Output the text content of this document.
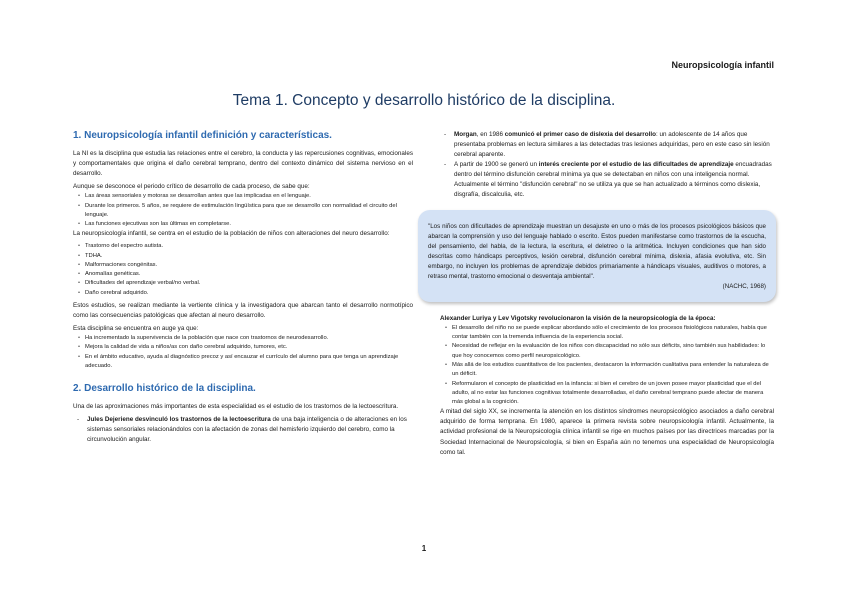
Neuropsicología infantil
Tema 1. Concepto y desarrollo histórico de la disciplina.
1. Neuropsicología infantil definición y características.

La NI es la disciplina que estudia las relaciones entre el cerebro, la conducta y las repercusiones cognitivas, emocionales y comportamentales que origina el daño cerebral temprano, dentro del contexto dinámico del sistema nervioso en el desarrollo.

Aunque se desconoce el periodo crítico de desarrollo de cada proceso, de sabe que:

• Las áreas sensoriales y motoras se desarrollan antes que las implicadas en el lenguaje.
• Durante los primeros. 5 años, se requiere de estimulación lingüística para que se desarrollo con normalidad el circuito del lenguaje.
• Las funciones ejecutivas son las últimas en completarse.

La neuropsicología infantil, se centra en el estudio de la población de niños con alteraciones del neuro desarrollo:

• Trastorno del espectro autista.
• TDHA.
• Malformaciones congénitas.
• Anomalías genéticas.
• Dificultades del aprendizaje verbal/no verbal.
• Daño cerebral adquirido.

Estos estudios, se realizan mediante la vertiente clínica y la investigadora que abarcan tanto el desarrollo normotípico como las consecuencias patológicas que afectan al neuro desarrollo.

Esta disciplina se encuentra en auge ya que:

• Ha incrementado la supervivencia de la población que nace con trastornos de neurodesarrollo.
• Mejora la calidad de vida a niños/as con daño cerebral adquirido, tumores, etc.
• En el ámbito educativo, ayuda al diagnóstico precoz y así encauzar el currículo del alumno para que tenga un aprendizaje adecuado.
2. Desarrollo histórico de la disciplina.

Una de las aproximaciones más importantes de esta especialidad es el estudio de los trastornos de la lectoescritura.

- Jules Dejeriene desvinculó los trastornos de la lectoescritura de una baja inteligencia o de alteraciones en los sistemas sensoriales relacionándolos con la afectación de zonas del hemisferio izquierdo del cerebro, como la circunvolución angular.
- Morgan, en 1986 comunicó el primer caso de dislexia del desarrollo: un adolescente de 14 años que presentaba problemas en lectura similares a las detectadas tras lesiones adquiridas, pero en este caso sin lesión cerebral aparente.
- A partir de 1900 se generó un interés creciente por el estudio de las dificultades de aprendizaje encuadradas dentro del término disfunción cerebral mínima ya que se detectaban en niños con una inteligencia normal. Actualmente el término "disfunción cerebral" no se utiliza ya que se han actualizado a términos como dislexia, disgrafía, discalculia, etc.

"Los niños con dificultades de aprendizaje muestran un desajuste en uno o más de los procesos psicológicos básicos que abarcan la comprensión y uso del lenguaje hablado o escrito. Estos pueden manifestarse como trastornos de la escucha, del pensamiento, del habla, de la lectura, la escritura, el deletreo o la aritmética. Incluyen condiciones que han sido descritas como hándicaps perceptivos, lesión cerebral, disfunción cerebral mínima, dislexia, afasia evolutiva, etc. Sin embargo, no incluyen los problemas de aprendizaje debidos primariamente a hándicaps visuales, auditivos o motores, a retraso mental, trastorno emocional o desventaja ambiental".

(NACHC, 1968)

Alexander Luriya y Lev Vigotsky revolucionaron la visión de la neuropsicología de la época:

• El desarrollo del niño no se puede explicar abordando sólo el crecimiento de los procesos fisiológicos naturales, había que contar también con la tremenda influencia de la experiencia social.
• Necesidad de reflejar en la evaluación de los niños con discapacidad no sólo sus déficits, sino también sus habilidades: lo que hoy conocemos como perfil neuropsicológico.
• Más allá de los estudios cuantitativos de los pacientes, destacaron la información cualitativa para entender la naturaleza de un déficit.
• Reformularon el concepto de plasticidad en la infancia: si bien el cerebro de un joven posee mayor plasticidad que el del adulto, al no estar las funciones cognitivas totalmente desarrolladas, el daño cerebral temprano puede afectar de manera más global a la cognición.

A mitad del siglo XX, se incrementa la atención en los distintos síndromes neuropsicológico asociados a daño cerebral adquirido de forma temprana. En 1980, aparece la primera revista sobre neuropsicología infantil. Actualmente, la actividad profesional de la Neuropsicología clínica infantil se rige en muchos países por las directrices marcadas por la Sociedad Internacional de Neuropsicología, si bien en España aún no tenemos una especialidad de Neuropsicología como tal.

1
